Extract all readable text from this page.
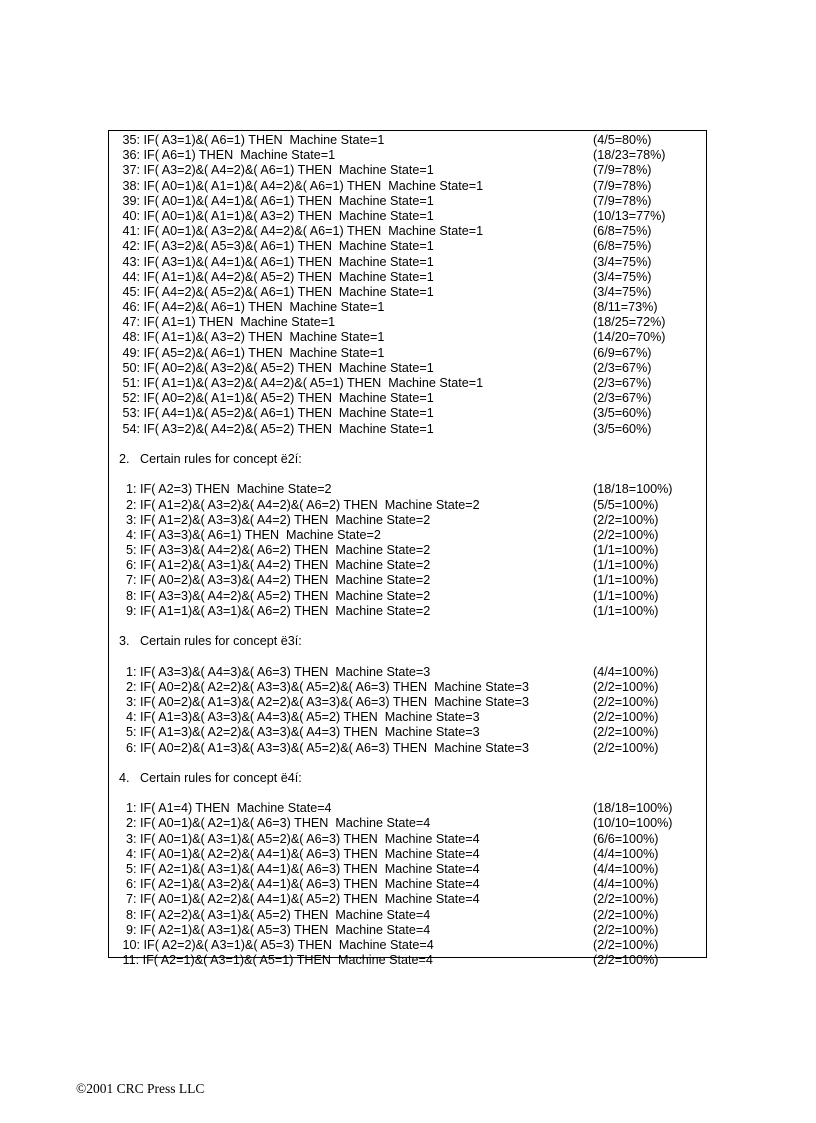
35: IF( A3=1)&( A6=1) THEN  Machine State=1	(4/5=80%)
36: IF( A6=1) THEN  Machine State=1	(18/23=78%)
37: IF( A3=2)&( A4=2)&( A6=1) THEN  Machine State=1	(7/9=78%)
38: IF( A0=1)&( A1=1)&( A4=2)&( A6=1) THEN  Machine State=1	(7/9=78%)
39: IF( A0=1)&( A4=1)&( A6=1) THEN  Machine State=1	(7/9=78%)
40: IF( A0=1)&( A1=1)&( A3=2) THEN  Machine State=1	(10/13=77%)
41: IF( A0=1)&( A3=2)&( A4=2)&( A6=1) THEN  Machine State=1	(6/8=75%)
42: IF( A3=2)&( A5=3)&( A6=1) THEN  Machine State=1	(6/8=75%)
43: IF( A3=1)&( A4=1)&( A6=1) THEN  Machine State=1	(3/4=75%)
44: IF( A1=1)&( A4=2)&( A5=2) THEN  Machine State=1	(3/4=75%)
45: IF( A4=2)&( A5=2)&( A6=1) THEN  Machine State=1	(3/4=75%)
46: IF( A4=2)&( A6=1) THEN  Machine State=1	(8/11=73%)
47: IF( A1=1) THEN  Machine State=1	(18/25=72%)
48: IF( A1=1)&( A3=2) THEN  Machine State=1	(14/20=70%)
49: IF( A5=2)&( A6=1) THEN  Machine State=1	(6/9=67%)
50: IF( A0=2)&( A3=2)&( A5=2) THEN  Machine State=1	(2/3=67%)
51: IF( A1=1)&( A3=2)&( A4=2)&( A5=1) THEN  Machine State=1	(2/3=67%)
52: IF( A0=2)&( A1=1)&( A5=2) THEN  Machine State=1	(2/3=67%)
53: IF( A4=1)&( A5=2)&( A6=1) THEN  Machine State=1	(3/5=60%)
54: IF( A3=2)&( A4=2)&( A5=2) THEN  Machine State=1	(3/5=60%)
2.   Certain rules for concept ë2í:
1: IF( A2=3) THEN  Machine State=2	(18/18=100%)
2: IF( A1=2)&( A3=2)&( A4=2)&( A6=2) THEN  Machine State=2	(5/5=100%)
3: IF( A1=2)&( A3=3)&( A4=2) THEN  Machine State=2	(2/2=100%)
4: IF( A3=3)&( A6=1) THEN  Machine State=2	(2/2=100%)
5: IF( A3=3)&( A4=2)&( A6=2) THEN  Machine State=2	(1/1=100%)
6: IF( A1=2)&( A3=1)&( A4=2) THEN  Machine State=2	(1/1=100%)
7: IF( A0=2)&( A3=3)&( A4=2) THEN  Machine State=2	(1/1=100%)
8: IF( A3=3)&( A4=2)&( A5=2) THEN  Machine State=2	(1/1=100%)
9: IF( A1=1)&( A3=1)&( A6=2) THEN  Machine State=2	(1/1=100%)
3.   Certain rules for concept ë3í:
1: IF( A3=3)&( A4=3)&( A6=3) THEN  Machine State=3	(4/4=100%)
2: IF( A0=2)&( A2=2)&( A3=3)&( A5=2)&( A6=3) THEN  Machine State=3	(2/2=100%)
3: IF( A0=2)&( A1=3)&( A2=2)&( A3=3)&( A6=3) THEN  Machine State=3	(2/2=100%)
4: IF( A1=3)&( A3=3)&( A4=3)&( A5=2) THEN  Machine State=3	(2/2=100%)
5: IF( A1=3)&( A2=2)&( A3=3)&( A4=3) THEN  Machine State=3	(2/2=100%)
6: IF( A0=2)&( A1=3)&( A3=3)&( A5=2)&( A6=3) THEN  Machine State=3	(2/2=100%)
4.   Certain rules for concept ë4í:
1: IF( A1=4) THEN  Machine State=4	(18/18=100%)
2: IF( A0=1)&( A2=1)&( A6=3) THEN  Machine State=4	(10/10=100%)
3: IF( A0=1)&( A3=1)&( A5=2)&( A6=3) THEN  Machine State=4	(6/6=100%)
4: IF( A0=1)&( A2=2)&( A4=1)&( A6=3) THEN  Machine State=4	(4/4=100%)
5: IF( A2=1)&( A3=1)&( A4=1)&( A6=3) THEN  Machine State=4	(4/4=100%)
6: IF( A2=1)&( A3=2)&( A4=1)&( A6=3) THEN  Machine State=4	(4/4=100%)
7: IF( A0=1)&( A2=2)&( A4=1)&( A5=2) THEN  Machine State=4	(2/2=100%)
8: IF( A2=2)&( A3=1)&( A5=2) THEN  Machine State=4	(2/2=100%)
9: IF( A2=1)&( A3=1)&( A5=3) THEN  Machine State=4	(2/2=100%)
10: IF( A2=2)&( A3=1)&( A5=3) THEN  Machine State=4	(2/2=100%)
11: IF( A2=1)&( A3=1)&( A5=1) THEN  Machine State=4	(2/2=100%)
©2001 CRC Press LLC
